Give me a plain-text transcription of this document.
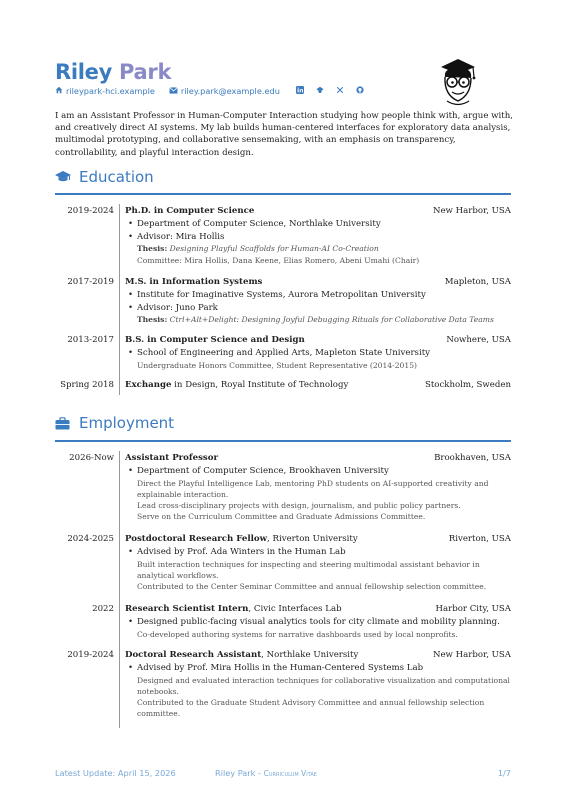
Riley Park
rileypark-hci.example	riley.park@example.edu

I am an Assistant Professor in Human-Computer Interaction studying how people think with, argue with, and creatively direct AI systems. My lab builds human-centered interfaces for exploratory data analysis, multimodal prototyping, and collaborative sensemaking, with an emphasis on transparency, controllability, and playful interaction design.

Education
2019-2024 Ph.D. in Computer Science	New Harbor, USA
• Department of Computer Science, Northlake University
• Advisor: Mira Hollis
Thesis: Designing Playful Scaffolds for Human-AI Co-Creation
Committee: Mira Hollis, Dana Keene, Elias Romero, Abeni Umahi (Chair)
2017-2019 M.S. in Information Systems	Mapleton, USA
• Institute for Imaginative Systems, Aurora Metropolitan University
• Advisor: Juno Park
Thesis: Ctrl+Alt+Delight: Designing Joyful Debugging Rituals for Collaborative Data Teams
2013-2017 B.S. in Computer Science and Design	Nowhere, USA
• School of Engineering and Applied Arts, Mapleton State University
Undergraduate Honors Committee, Student Representative (2014-2015)
Spring 2018 Exchange in Design, Royal Institute of Technology	Stockholm, Sweden
Employment
2026-Now Assistant Professor	Brookhaven, USA
• Department of Computer Science, Brookhaven University
Direct the Playful Intelligence Lab, mentoring PhD students on AI-supported creativity and explainable interaction.
Lead cross-disciplinary projects with design, journalism, and public policy partners.
Serve on the Curriculum Committee and Graduate Admissions Committee.
2024-2025 Postdoctoral Research Fellow, Riverton University	Riverton, USA
• Advised by Prof. Ada Winters in the Human Lab
Built interaction techniques for inspecting and steering multimodal assistant behavior in analytical workflows.
Contributed to the Center Seminar Committee and annual fellowship selection committee.
2022 Research Scientist Intern, Civic Interfaces Lab	Harbor City, USA
• Designed public-facing visual analytics tools for city climate and mobility planning.
Co-developed authoring systems for narrative dashboards used by local nonprofits.
2019-2024 Doctoral Research Assistant, Northlake University	New Harbor, USA
• Advised by Prof. Mira Hollis in the Human-Centered Systems Lab
Designed and evaluated interaction techniques for collaborative visualization and computational notebooks.
Contributed to the Graduate Student Advisory Committee and annual fellowship selection committee.
Latest Update: April 15, 2026	Riley Park - Curriculum Vitae	1/7
